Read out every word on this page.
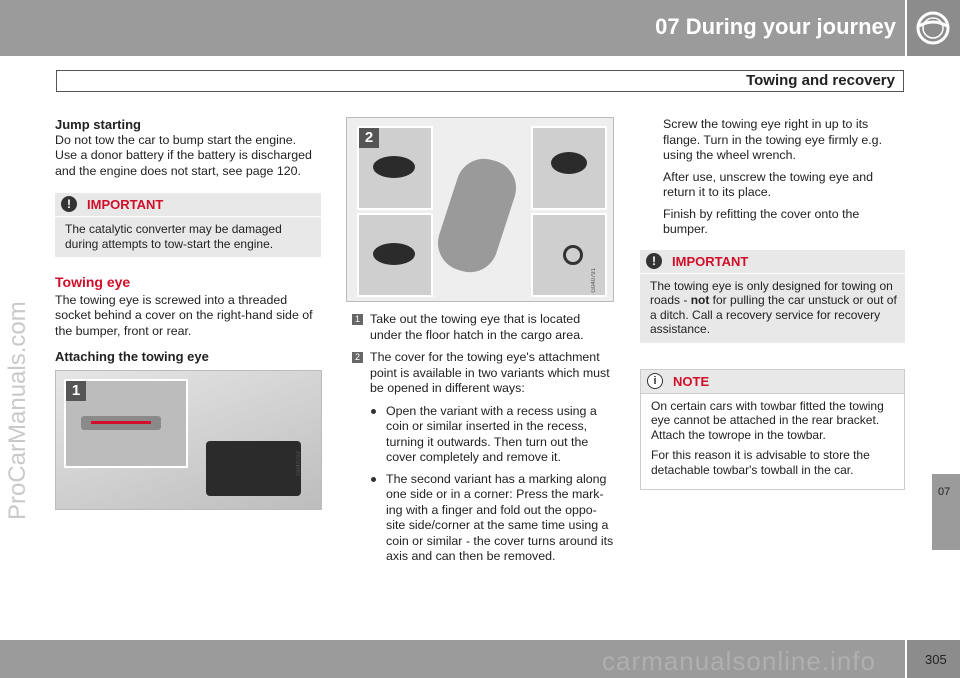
07 During your journey
Towing and recovery
07
ProCarManuals.com
Jump starting

Do not tow the car to bump start the engine. Use a donor battery if the battery is discharged and the engine does not start, see page 120.

!	IMPORTANT
The catalytic converter may be damaged during attempts to tow-start the engine.
Towing eye

The towing eye is screwed into a threaded socket behind a cover on the right-hand side of the bumper, front or rear.

Attaching the towing eye
1
G040792
2
G040791
1 Take out the towing eye that is located under the floor hatch in the cargo area.
2 The cover for the towing eye's attachment point is available in two variants which must be opened in different ways:
Open the variant with a recess using a coin or similar inserted in the recess, turning it outwards. Then turn out the cover completely and remove it.
The second variant has a marking along one side or in a corner: Press the mark-ing with a finger and fold out the oppo-site side/corner at the same time using a coin or similar - the cover turns around its axis and can then be removed.

Screw the towing eye right in up to its flange. Turn in the towing eye firmly e.g. using the wheel wrench.

After use, unscrew the towing eye and return it to its place.

Finish by refitting the cover onto the bumper.

!	IMPORTANT
The towing eye is only designed for towing on roads - not for pulling the car unstuck or out of a ditch. Call a recovery service for recovery assistance.
i	NOTE

On certain cars with towbar fitted the towing eye cannot be attached in the rear bracket. Attach the towrope in the towbar.

For this reason it is advisable to store the detachable towbar's towball in the car.

305
carmanualsonline.info
